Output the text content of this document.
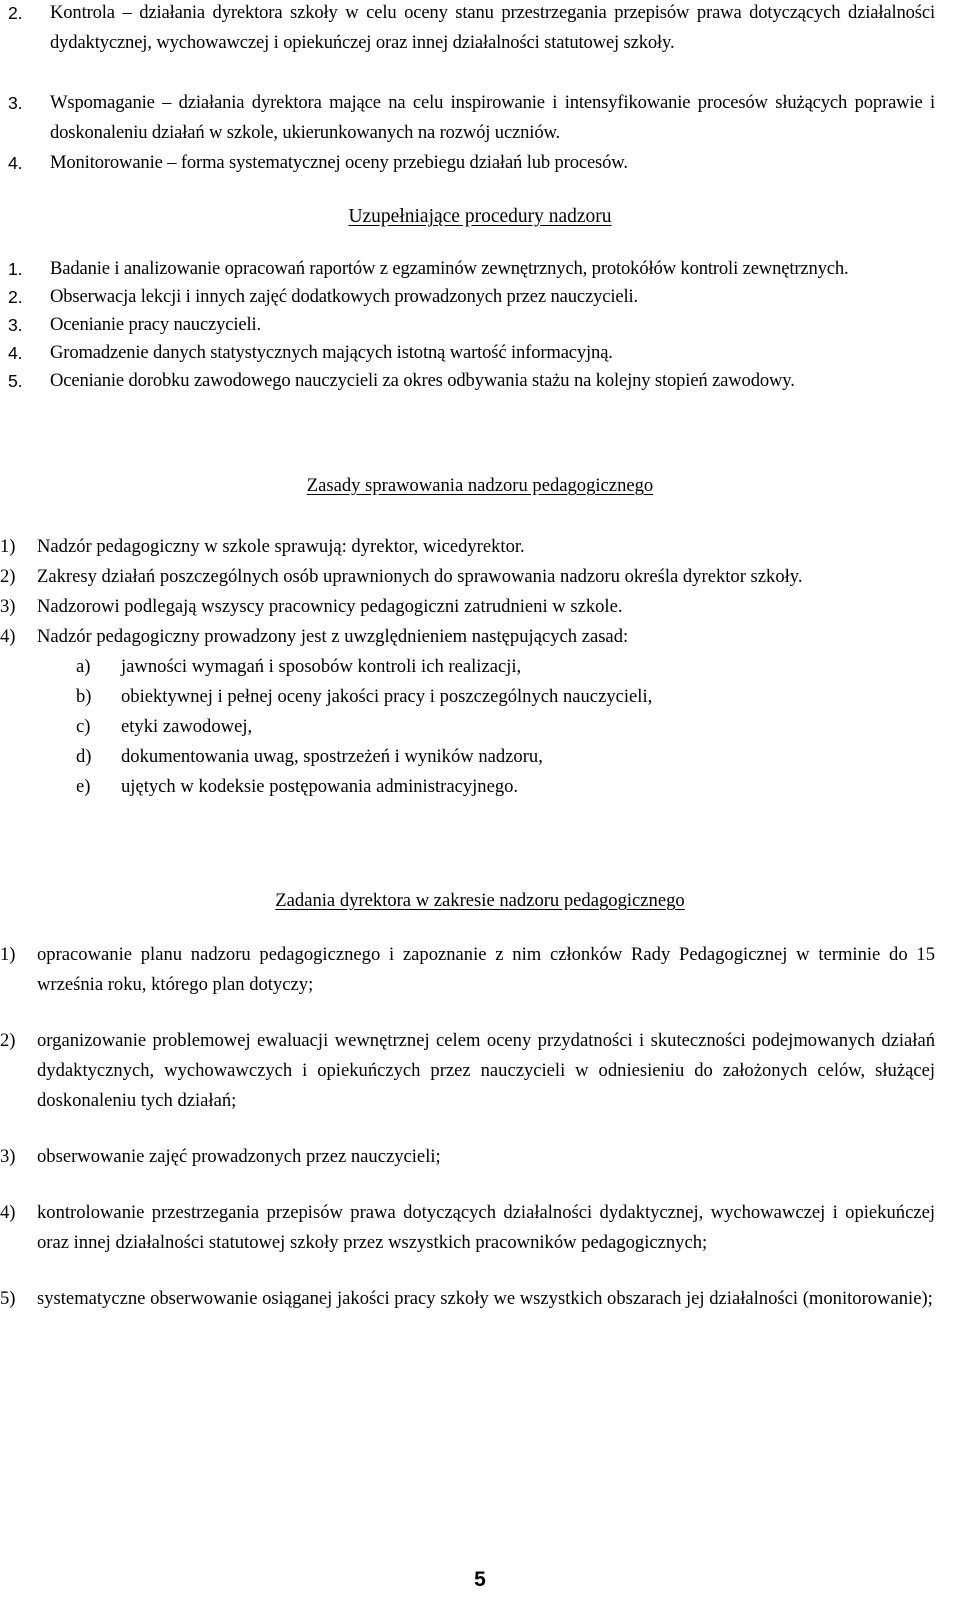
2. Kontrola – działania dyrektora szkoły w celu oceny stanu przestrzegania przepisów prawa dotyczących działalności dydaktycznej, wychowawczej i opiekuńczej oraz innej działalności statutowej szkoły.
3. Wspomaganie – działania dyrektora mające na celu inspirowanie i intensyfikowanie procesów służących poprawie i doskonaleniu działań w szkole, ukierunkowanych na rozwój uczniów.
4. Monitorowanie – forma systematycznej oceny przebiegu działań lub procesów.
Uzupełniające procedury nadzoru
1. Badanie i analizowanie opracowań raportów z egzaminów zewnętrznych, protokółów kontroli zewnętrznych.
2. Obserwacja lekcji i innych zajęć dodatkowych prowadzonych przez nauczycieli.
3. Ocenianie pracy nauczycieli.
4. Gromadzenie danych statystycznych mających istotną wartość informacyjną.
5. Ocenianie dorobku zawodowego nauczycieli za okres odbywania stażu na kolejny stopień zawodowy.
Zasady sprawowania nadzoru pedagogicznego
1) Nadzór pedagogiczny w szkole sprawują: dyrektor, wicedyrektor.
2) Zakresy działań poszczególnych osób uprawnionych do sprawowania nadzoru określa dyrektor szkoły.
3) Nadzorowi podlegają wszyscy pracownicy pedagogiczni zatrudnieni w szkole.
4) Nadzór pedagogiczny prowadzony jest z uwzględnieniem następujących zasad:
a) jawności wymagań i sposobów kontroli ich realizacji,
b) obiektywnej i pełnej oceny jakości pracy i poszczególnych nauczycieli,
c) etyki zawodowej,
d) dokumentowania uwag, spostrzeżeń i wyników nadzoru,
e) ujętych w kodeksie postępowania administracyjnego.
Zadania dyrektora w zakresie nadzoru pedagogicznego
1) opracowanie planu nadzoru pedagogicznego i zapoznanie z nim członków Rady Pedagogicznej w terminie do 15 września roku, którego plan dotyczy;
2) organizowanie problemowej ewaluacji wewnętrznej celem oceny przydatności i skuteczności podejmowanych działań dydaktycznych, wychowawczych i opiekuńczych przez nauczycieli w odniesieniu do założonych celów, służącej doskonaleniu tych działań;
3) obserwowanie zajęć prowadzonych przez nauczycieli;
4) kontrolowanie przestrzegania przepisów prawa dotyczących działalności dydaktycznej, wychowawczej i opiekuńczej oraz innej działalności statutowej szkoły przez wszystkich pracowników pedagogicznych;
5) systematyczne obserwowanie osiąganej jakości pracy szkoły we wszystkich obszarach jej działalności (monitorowanie);
5
